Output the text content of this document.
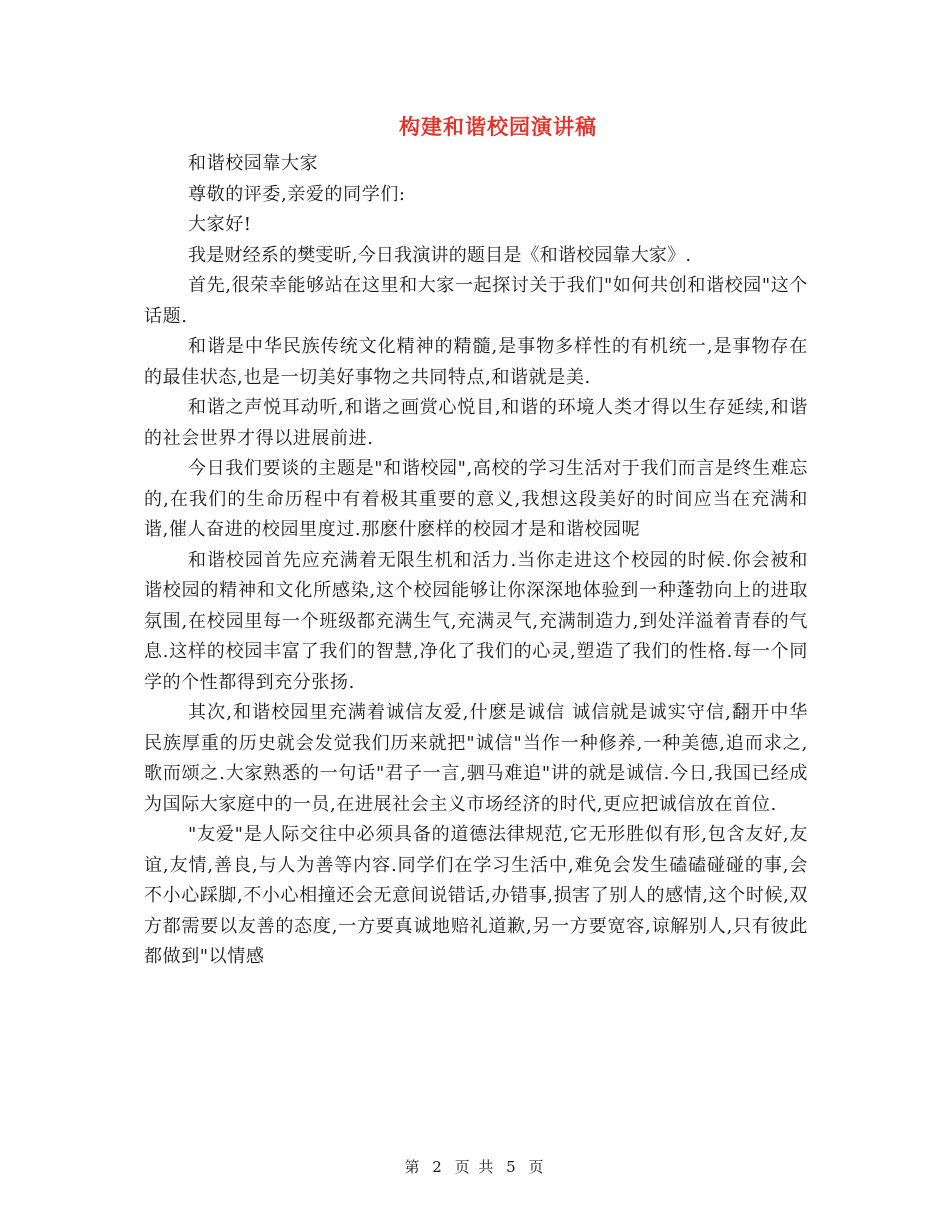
构建和谐校园演讲稿

和谐校园靠大家

尊敬的评委,亲爱的同学们:

大家好!

我是财经系的樊雯昕,今日我演讲的题目是《和谐校园靠大家》.

首先,很荣幸能够站在这里和大家一起探讨关于我们"如何共创和谐校园"这个话题.

和谐是中华民族传统文化精神的精髓,是事物多样性的有机统一,是事物存在的最佳状态,也是一切美好事物之共同特点,和谐就是美.

和谐之声悦耳动听,和谐之画赏心悦目,和谐的环境人类才得以生存延续,和谐的社会世界才得以进展前进.

今日我们要谈的主题是"和谐校园",高校的学习生活对于我们而言是终生难忘的,在我们的生命历程中有着极其重要的意义,我想这段美好的时间应当在充满和谐,催人奋进的校园里度过.那麽什麽样的校园才是和谐校园呢

和谐校园首先应充满着无限生机和活力.当你走进这个校园的时候.你会被和谐校园的精神和文化所感染,这个校园能够让你深深地体验到一种蓬勃向上的进取氛围,在校园里每一个班级都充满生气,充满灵气,充满制造力,到处洋溢着青春的气息.这样的校园丰富了我们的智慧,净化了我们的心灵,塑造了我们的性格.每一个同学的个性都得到充分张扬.

其次,和谐校园里充满着诚信友爱,什麽是诚信 诚信就是诚实守信,翻开中华民族厚重的历史就会发觉我们历来就把"诚信"当作一种修养,一种美德,追而求之,歌而颂之.大家熟悉的一句话"君子一言,驷马难追"讲的就是诚信.今日,我国已经成为国际大家庭中的一员,在进展社会主义市场经济的时代,更应把诚信放在首位.

"友爱"是人际交往中必须具备的道德法律规范,它无形胜似有形,包含友好,友谊,友情,善良,与人为善等内容.同学们在学习生活中,难免会发生磕磕碰碰的事,会不小心踩脚,不小心相撞还会无意间说错话,办错事,损害了别人的感情,这个时候,双方都需要以友善的态度,一方要真诚地赔礼道歉,另一方要宽容,谅解别人,只有彼此都做到"以情感

第 2 页 共 5 页
